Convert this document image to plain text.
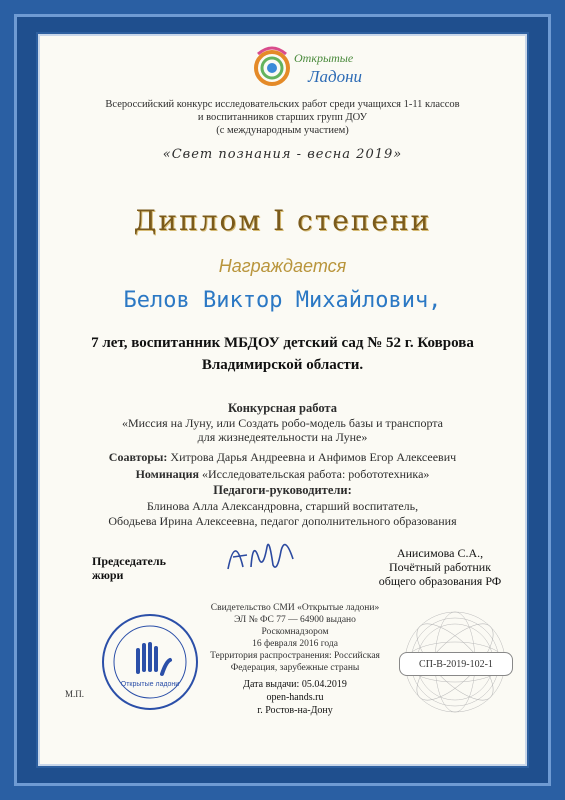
Открытые
Ладони
Всероссийский конкурс исследовательских работ среди учащихся 1-11 классов
и воспитанников старших групп ДОУ
(с международным участием)
«Свет познания - весна 2019»
Диплом I степени
Награждается
Белов Виктор Михайлович,
7 лет, воспитанник МБДОУ детский сад № 52 г. Коврова
Владимирской области.
Конкурсная работа
«Миссия на Луну, или Создать робо-модель базы и транспорта
для жизнедеятельности на Луне»
Соавторы: Хитрова Дарья Андреевна и Анфимов Егор Алексеевич
Номинация «Исследовательская работа: робототехника»
Педагоги-руководители:
Блинова Алла Александровна, старший воспитатель,
Ободьева Ирина Алексеевна, педагог дополнительного образования
Председатель
жюри
Анисимова С.А.,
Почётный работник
общего образования РФ
Открытые ладони
М.П.
Свидетельство СМИ «Открытые ладони»
ЭЛ № ФС 77 — 64900 выдано Роскомнадзором
16 февраля 2016 года
Территория распространения: Российская
Федерация, зарубежные страны	СП-В-2019-102-1
Дата выдачи: 05.04.2019
open-hands.ru
г. Ростов-на-Дону
